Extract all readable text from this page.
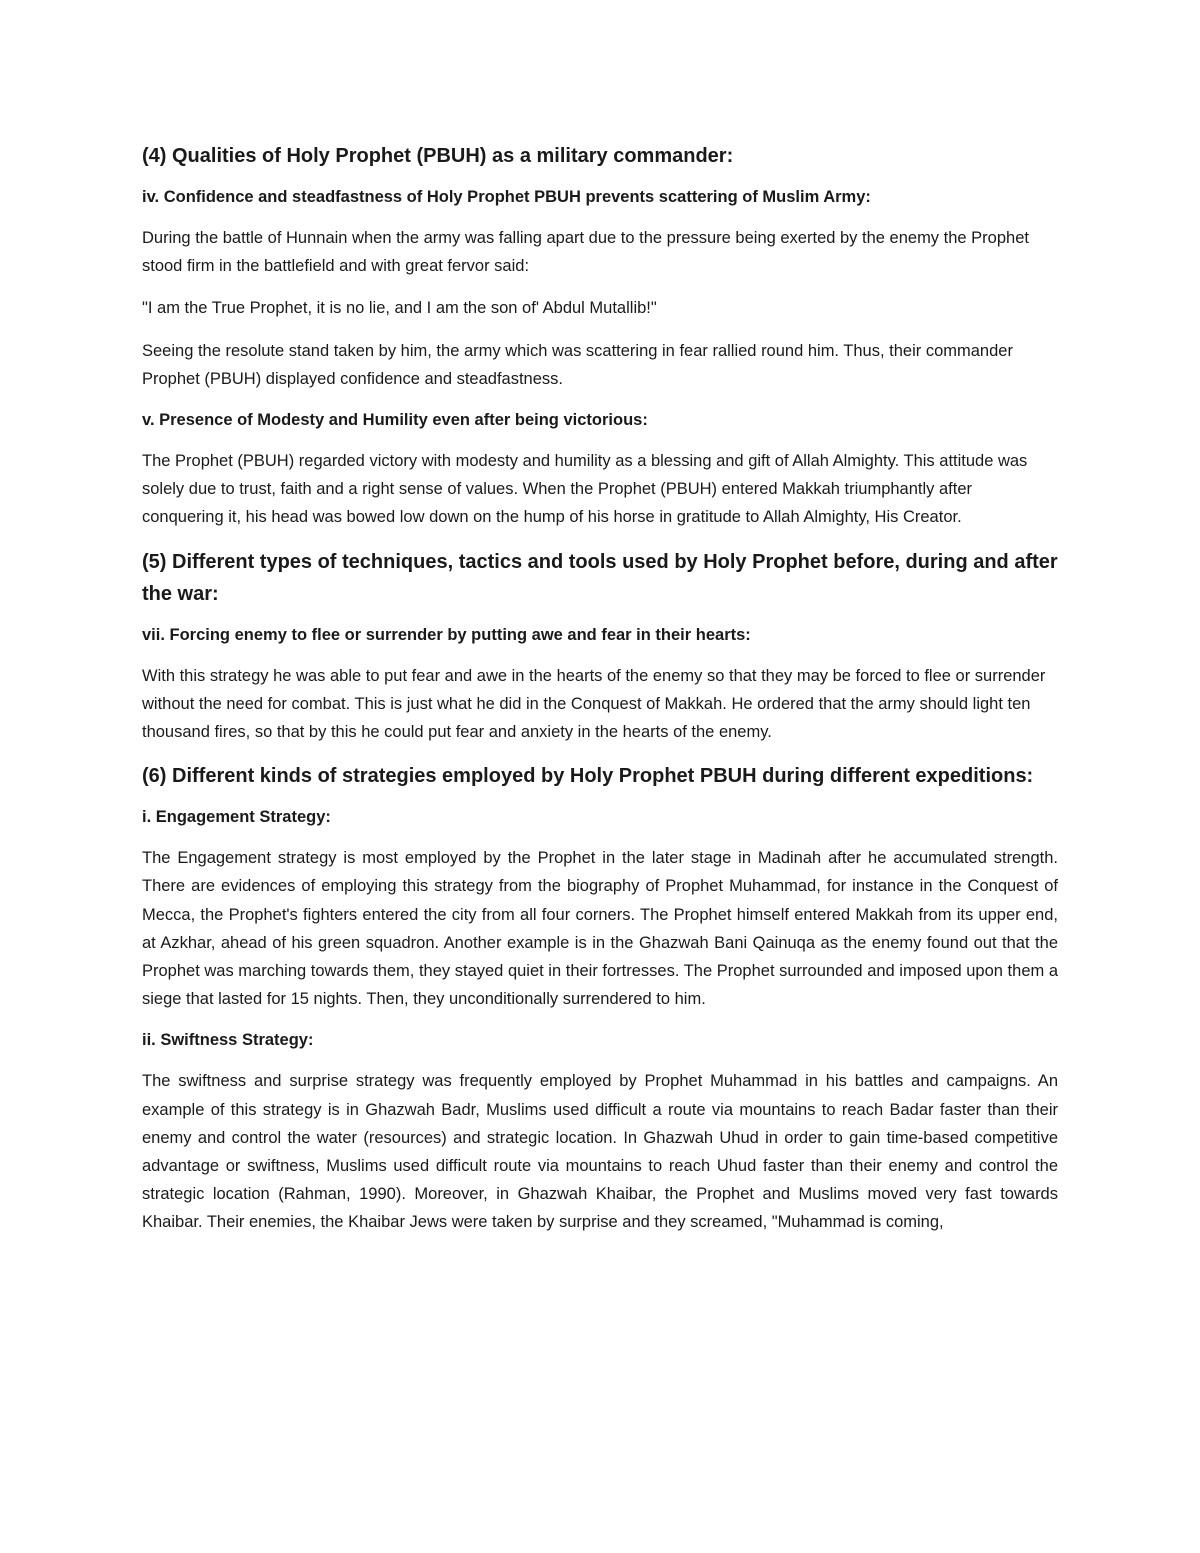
(4) Qualities of Holy Prophet (PBUH) as a military commander:
iv. Confidence and steadfastness of Holy Prophet PBUH prevents scattering of Muslim Army:
During the battle of Hunnain when the army was falling apart due to the pressure being exerted by the enemy the Prophet stood firm in the battlefield and with great fervor said:
"I am the True Prophet, it is no lie, and I am the son of' Abdul Mutallib!"
Seeing the resolute stand taken by him, the army which was scattering in fear rallied round him. Thus, their commander Prophet (PBUH) displayed confidence and steadfastness.
v. Presence of Modesty and Humility even after being victorious:
The Prophet (PBUH) regarded victory with modesty and humility as a blessing and gift of Allah Almighty. This attitude was solely due to trust, faith and a right sense of values. When the Prophet (PBUH) entered Makkah triumphantly after conquering it, his head was bowed low down on the hump of his horse in gratitude to Allah Almighty, His Creator.
(5) Different types of techniques, tactics and tools used by Holy Prophet before, during and after the war:
vii. Forcing enemy to flee or surrender by putting awe and fear in their hearts:
With this strategy he was able to put fear and awe in the hearts of the enemy so that they may be forced to flee or surrender without the need for combat. This is just what he did in the Conquest of Makkah. He ordered that the army should light ten thousand fires, so that by this he could put fear and anxiety in the hearts of the enemy.
(6) Different kinds of strategies employed by Holy Prophet PBUH during different expeditions:
i. Engagement Strategy:
The Engagement strategy is most employed by the Prophet in the later stage in Madinah after he accumulated strength. There are evidences of employing this strategy from the biography of Prophet Muhammad, for instance in the Conquest of Mecca, the Prophet's fighters entered the city from all four corners. The Prophet himself entered Makkah from its upper end, at Azkhar, ahead of his green squadron. Another example is in the Ghazwah Bani Qainuqa as the enemy found out that the Prophet was marching towards them, they stayed quiet in their fortresses. The Prophet surrounded and imposed upon them a siege that lasted for 15 nights. Then, they unconditionally surrendered to him.
ii. Swiftness Strategy:
The swiftness and surprise strategy was frequently employed by Prophet Muhammad in his battles and campaigns. An example of this strategy is in Ghazwah Badr, Muslims used difficult a route via mountains to reach Badar faster than their enemy and control the water (resources) and strategic location. In Ghazwah Uhud in order to gain time-based competitive advantage or swiftness, Muslims used difficult route via mountains to reach Uhud faster than their enemy and control the strategic location (Rahman, 1990). Moreover, in Ghazwah Khaibar, the Prophet and Muslims moved very fast towards Khaibar. Their enemies, the Khaibar Jews were taken by surprise and they screamed, "Muhammad is coming,
